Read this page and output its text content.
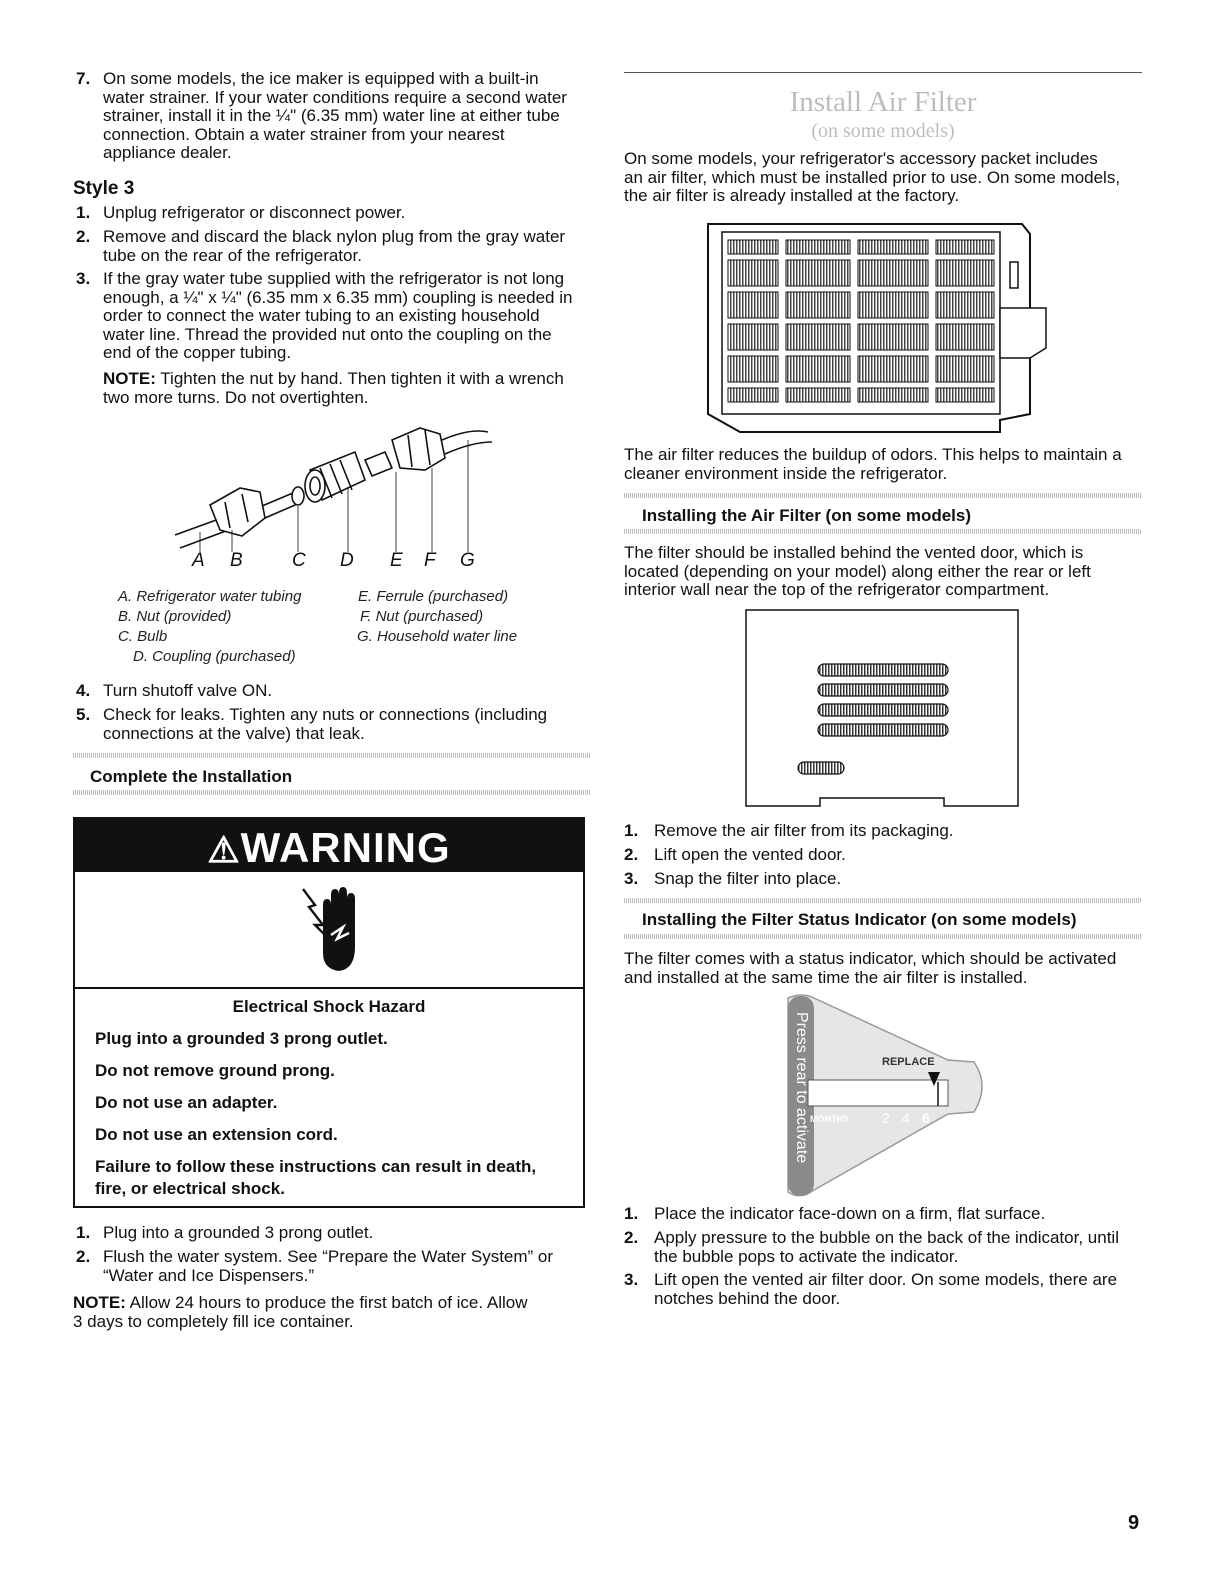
7. On some models, the ice maker is equipped with a built-in
water strainer. If your water conditions require a second water
strainer, install it in the ¼" (6.35 mm) water line at either tube
connection. Obtain a water strainer from your nearest
appliance dealer.
Style 3
1. Unplug refrigerator or disconnect power.
2. Remove and discard the black nylon plug from the gray water
tube on the rear of the refrigerator.
3. If the gray water tube supplied with the refrigerator is not long
enough, a ¼" x ¼" (6.35 mm x 6.35 mm) coupling is needed in
order to connect the water tubing to an existing household
water line. Thread the provided nut onto the coupling on the
end of the copper tubing.
NOTE: Tighten the nut by hand. Then tighten it with a wrench
two more turns. Do not overtighten.
A B	C D E F G
A. Refrigerator water tubing
B. Nut (provided)
C. Bulb
D. Coupling (purchased)
E. Ferrule (purchased)
F. Nut (purchased)
G. Household water line
4. Turn shutoff valve ON.
5. Check for leaks. Tighten any nuts or connections (including
connections at the valve) that leak.
Complete the Installation
⚠WARNING
Electrical Shock Hazard
Plug into a grounded 3 prong outlet.
Do not remove ground prong.
Do not use an adapter.
Do not use an extension cord.
Failure to follow these instructions can result in death,
fire, or electrical shock.
1. Plug into a grounded 3 prong outlet.
2. Flush the water system. See “Prepare the Water System” or
“Water and Ice Dispensers.”
NOTE: Allow 24 hours to produce the first batch of ice. Allow
3 days to completely fill ice container.
Install Air Filter
(on some models)
On some models, your refrigerator's accessory packet includes
an air filter, which must be installed prior to use. On some models,
the air filter is already installed at the factory.
The air filter reduces the buildup of odors. This helps to maintain a
cleaner environment inside the refrigerator.
Installing the Air Filter (on some models)
The filter should be installed behind the vented door, which is
located (depending on your model) along either the rear or left
interior wall near the top of the refrigerator compartment.
1. Remove the air filter from its packaging.
2. Lift open the vented door.
3. Snap the filter into place.
Installing the Filter Status Indicator (on some models)
The filter comes with a status indicator, which should be activated
and installed at the same time the air filter is installed.
Press rear to activate	REPLACE
MONTHS 2 4 6
1. Place the indicator face-down on a firm, flat surface.
2. Apply pressure to the bubble on the back of the indicator, until
the bubble pops to activate the indicator.
3. Lift open the vented air filter door. On some models, there are
notches behind the door.
9
